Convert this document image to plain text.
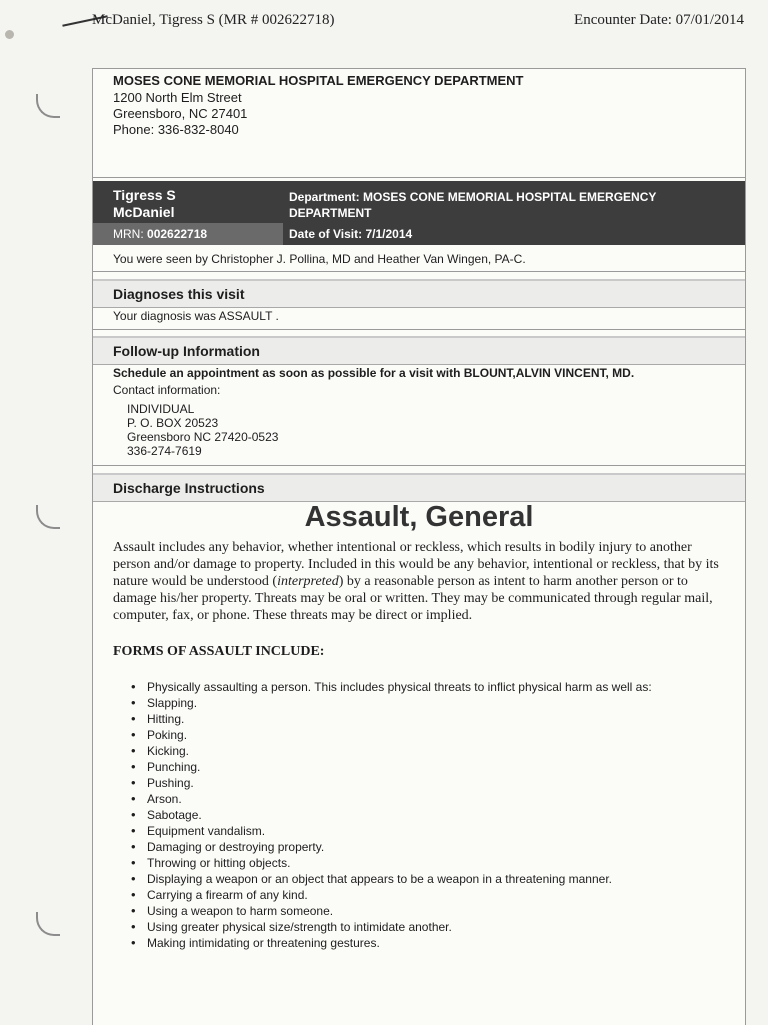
McDaniel, Tigress S (MR # 002622718)	Encounter Date: 07/01/2014
MOSES CONE MEMORIAL HOSPITAL EMERGENCY DEPARTMENT
1200 North Elm Street
Greensboro, NC 27401
Phone: 336-832-8040
Tigress S
McDaniel
MRN: 002622718
Department: MOSES CONE MEMORIAL HOSPITAL EMERGENCY DEPARTMENT
Date of Visit: 7/1/2014
You were seen by Christopher J. Pollina, MD and Heather Van Wingen, PA-C.
Diagnoses this visit
Your diagnosis was ASSAULT .
Follow-up Information
Schedule an appointment as soon as possible for a visit with BLOUNT,ALVIN VINCENT, MD.
Contact information:
INDIVIDUAL
P. O. BOX 20523
Greensboro NC 27420-0523
336-274-7619
Discharge Instructions
Assault, General
Assault includes any behavior, whether intentional or reckless, which results in bodily injury to another person and/or damage to property. Included in this would be any behavior, intentional or reckless, that by its nature would be understood (interpreted) by a reasonable person as intent to harm another person or to damage his/her property. Threats may be oral or written. They may be communicated through regular mail, computer, fax, or phone. These threats may be direct or implied.
FORMS OF ASSAULT INCLUDE:
• Physically assaulting a person. This includes physical threats to inflict physical harm as well as:
• Slapping.
• Hitting.
• Poking.
• Kicking.
• Punching.
• Pushing.
• Arson.
• Sabotage.
• Equipment vandalism.
• Damaging or destroying property.
• Throwing or hitting objects.
• Displaying a weapon or an object that appears to be a weapon in a threatening manner.
• Carrying a firearm of any kind.
• Using a weapon to harm someone.
• Using greater physical size/strength to intimidate another.
• Making intimidating or threatening gestures.
